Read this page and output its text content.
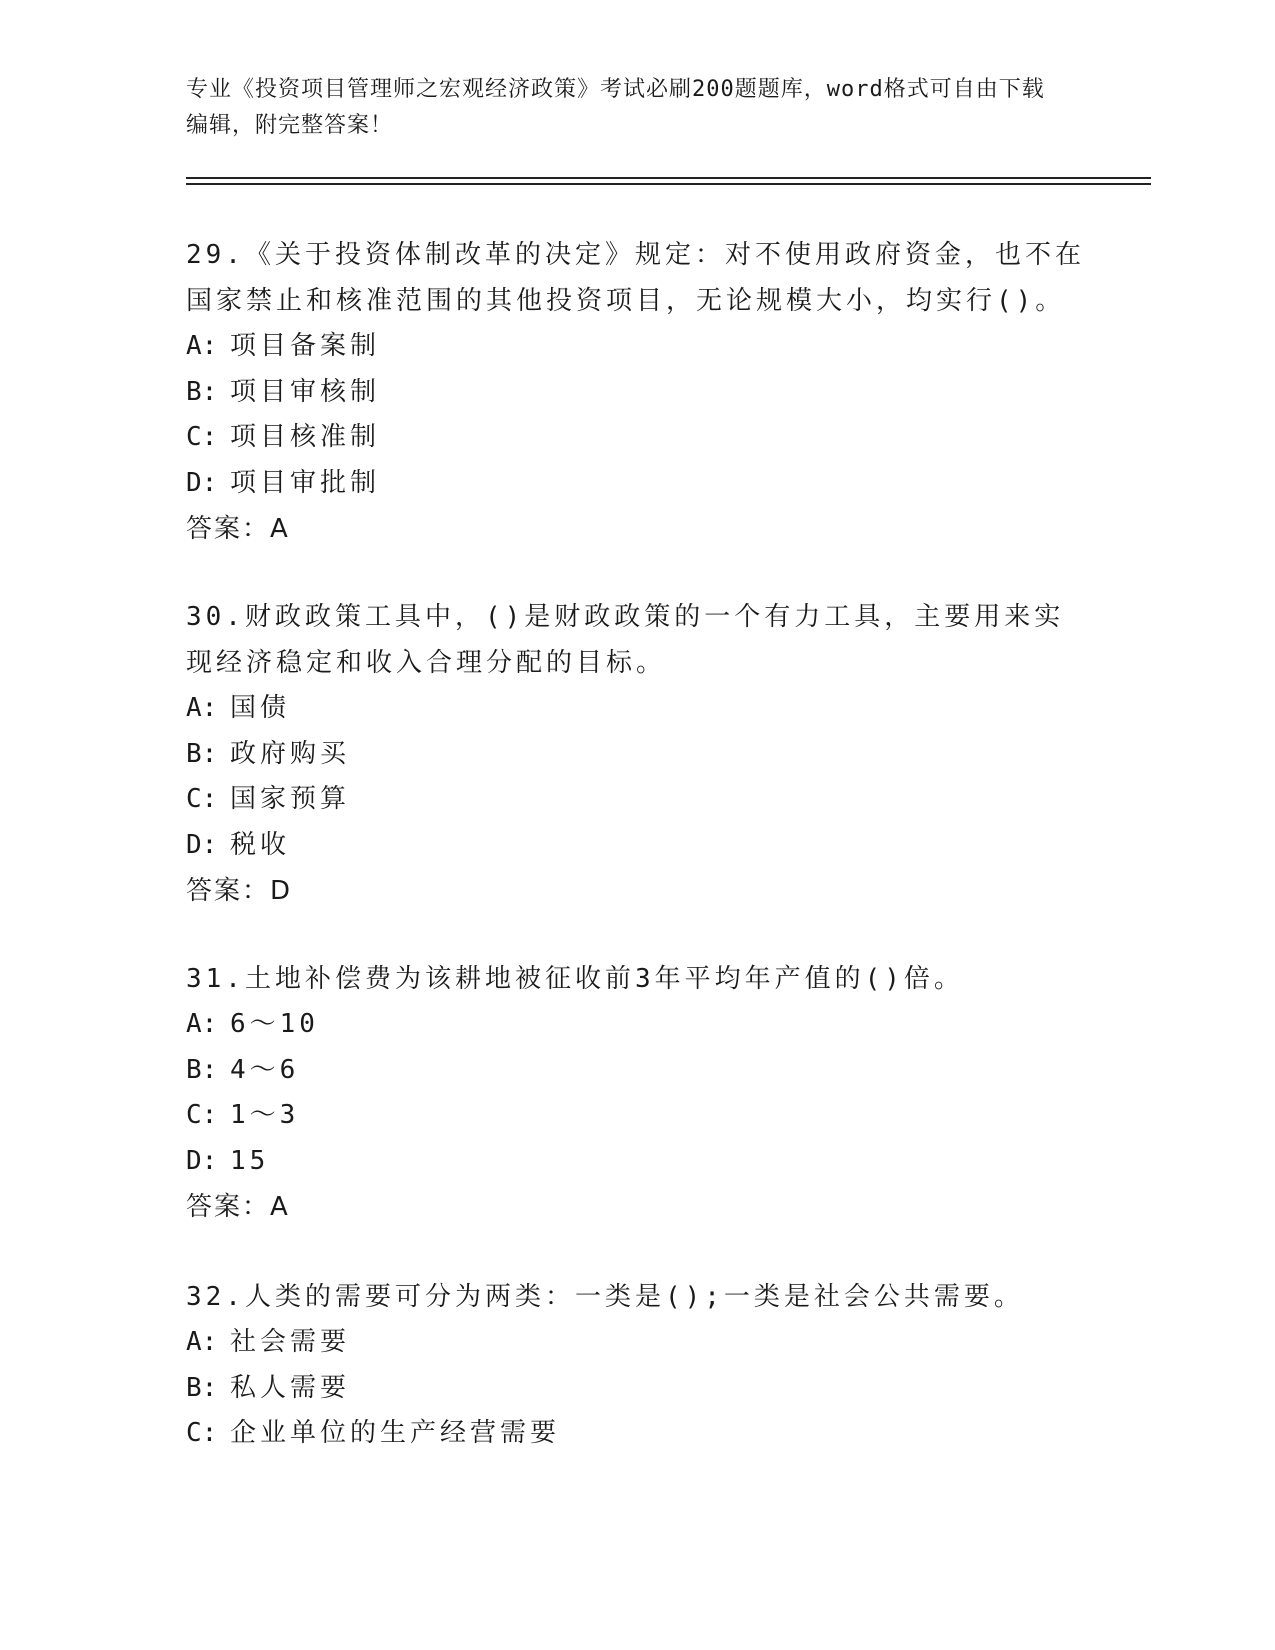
专业《投资项目管理师之宏观经济政策》考试必刷200题题库，word格式可自由下载编辑，附完整答案！

29.《关于投资体制改革的决定》规定：对不使用政府资金，也不在国家禁止和核准范围的其他投资项目，无论规模大小，均实行()。

A: 项目备案制
B: 项目审核制
C: 项目核准制
D: 项目审批制
答案：A

30.财政政策工具中，()是财政政策的一个有力工具，主要用来实现经济稳定和收入合理分配的目标。

A: 国债
B: 政府购买
C: 国家预算
D: 税收
答案：D

31.土地补偿费为该耕地被征收前3年平均年产值的()倍。

A: 6～10
B: 4～6
C: 1～3
D: 15
答案：A

32.人类的需要可分为两类：一类是();一类是社会公共需要。

A: 社会需要
B: 私人需要
C: 企业单位的生产经营需要
